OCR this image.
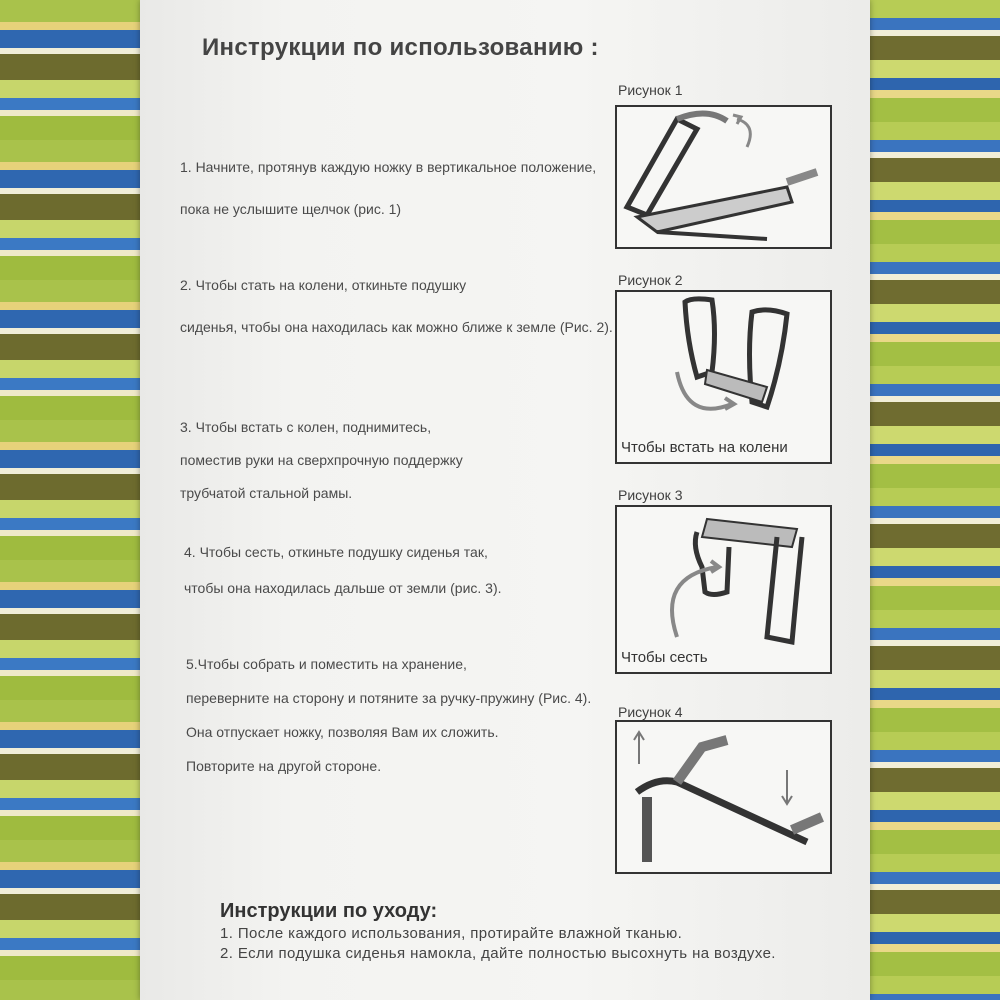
Инструкции по использованию :
1. Начните, протянув каждую ножку в вертикальное положение,
пока не услышите щелчок (рис. 1)
2. Чтобы стать на колени, откиньте подушку
сиденья, чтобы она находилась как можно ближе к земле (Рис. 2).
3. Чтобы встать с колен, поднимитесь,
поместив руки на сверхпрочную поддержку
трубчатой стальной рамы.
4. Чтобы сесть, откиньте подушку сиденья так,
чтобы она находилась дальше от земли (рис. 3).
5.Чтобы собрать и поместить на хранение,
переверните на сторону и потяните за ручку-пружину (Рис. 4).
Она отпускает ножку, позволяя Вам их сложить.
Повторите на другой стороне.
Рисунок 1
Рисунок 2
Чтобы встать на колени
Рисунок 3
Чтобы сесть
Рисунок 4
Инструкции по уходу:
1. После каждого использования, протирайте влажной тканью.
2. Если подушка сиденья намокла, дайте полностью высохнуть на воздухе.
